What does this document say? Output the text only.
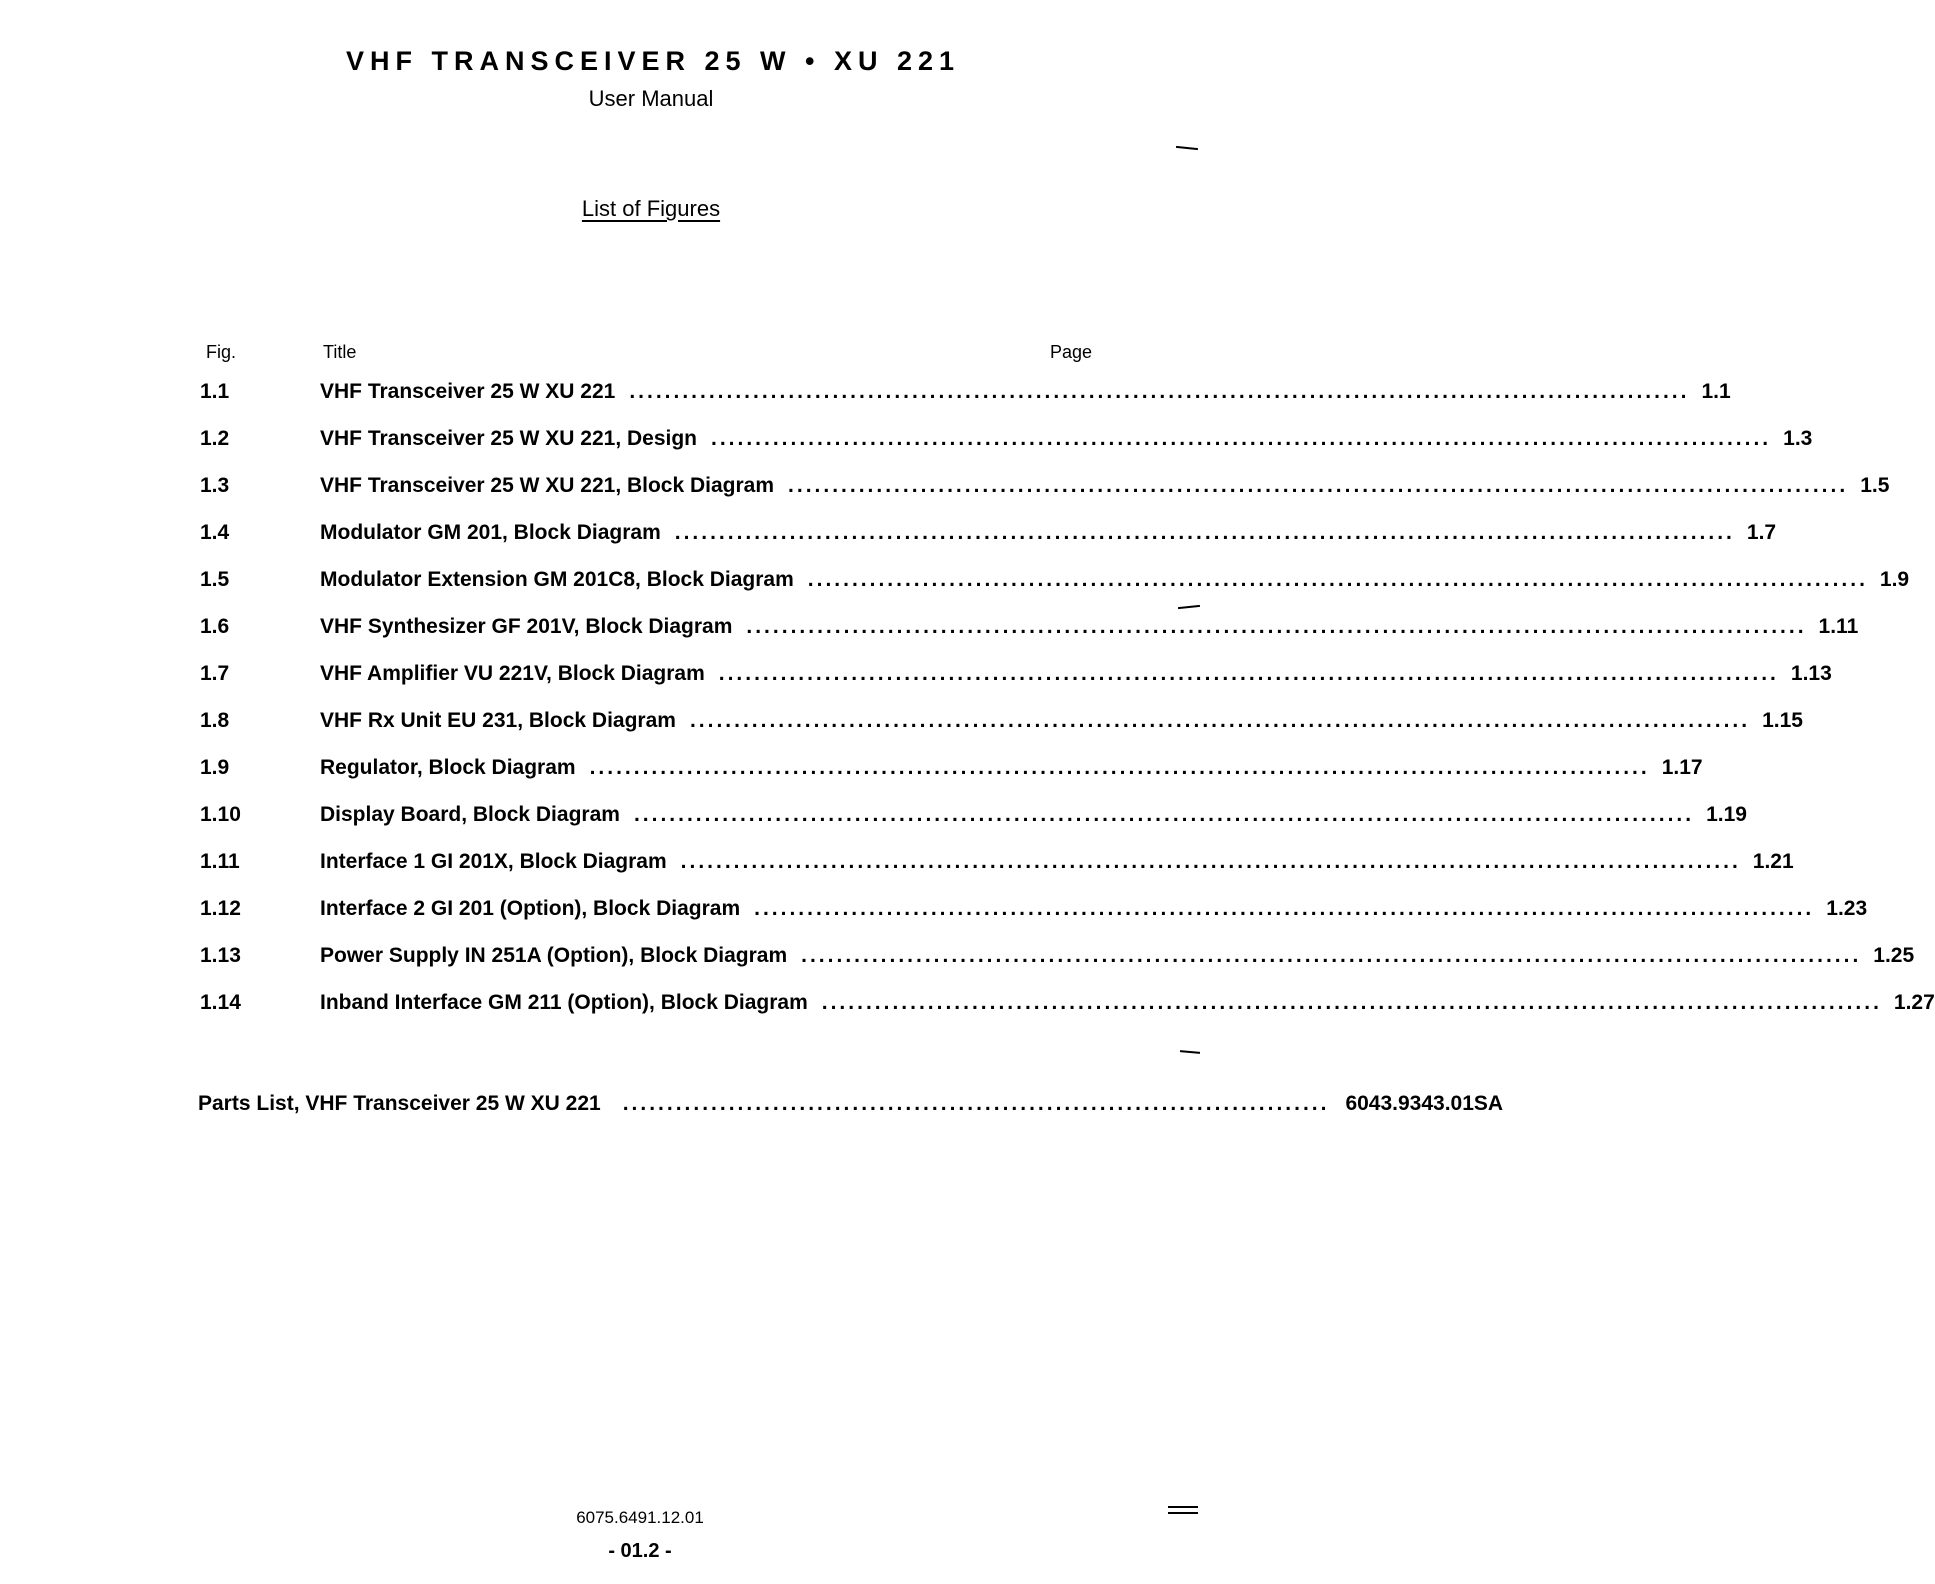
VHF TRANSCEIVER 25 W • XU 221
User Manual
List of Figures
Fig.	Title	Page
1.1	VHF Transceiver 25 W XU 221 ........................................................................................................................ 1.1
1.2	VHF Transceiver 25 W XU 221, Design ........................................................................................................................ 1.3
1.3	VHF Transceiver 25 W XU 221, Block Diagram ........................................................................................................................ 1.5
1.4	Modulator GM 201, Block Diagram ........................................................................................................................ 1.7
1.5	Modulator Extension GM 201C8, Block Diagram ........................................................................................................................ 1.9
1.6	VHF Synthesizer GF 201V, Block Diagram ........................................................................................................................ 1.11
1.7	VHF Amplifier VU 221V, Block Diagram ........................................................................................................................ 1.13
1.8	VHF Rx Unit EU 231, Block Diagram ........................................................................................................................ 1.15
1.9	Regulator, Block Diagram ........................................................................................................................ 1.17
1.10	Display Board, Block Diagram ........................................................................................................................ 1.19
1.11	Interface 1 GI 201X, Block Diagram ........................................................................................................................ 1.21
1.12	Interface 2 GI 201 (Option), Block Diagram ........................................................................................................................ 1.23
1.13	Power Supply IN 251A (Option), Block Diagram ........................................................................................................................ 1.25
1.14	Inband Interface GM 211 (Option), Block Diagram ........................................................................................................................ 1.27
Parts List, VHF Transceiver 25 W XU 221 ................................................................................ 6043.9343.01SA
6075.6491.12.01
- 01.2 -
